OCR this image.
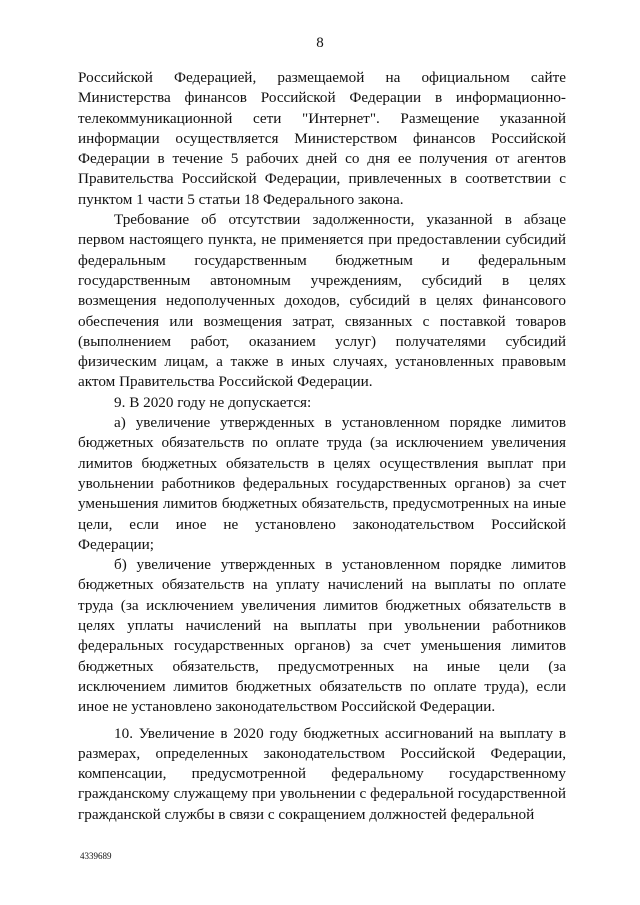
8

Российской Федерацией, размещаемой на официальном сайте Министерства финансов Российской Федерации в информационно-телекоммуникационной сети "Интернет". Размещение указанной информации осуществляется Министерством финансов Российской Федерации в течение 5 рабочих дней со дня ее получения от агентов Правительства Российской Федерации, привлеченных в соответствии с пунктом 1 части 5 статьи 18 Федерального закона.

Требование об отсутствии задолженности, указанной в абзаце первом настоящего пункта, не применяется при предоставлении субсидий федеральным государственным бюджетным и федеральным государственным автономным учреждениям, субсидий в целях возмещения недополученных доходов, субсидий в целях финансового обеспечения или возмещения затрат, связанных с поставкой товаров (выполнением работ, оказанием услуг) получателями субсидий физическим лицам, а также в иных случаях, установленных правовым актом Правительства Российской Федерации.

9. В 2020 году не допускается:

а) увеличение утвержденных в установленном порядке лимитов бюджетных обязательств по оплате труда (за исключением увеличения лимитов бюджетных обязательств в целях осуществления выплат при увольнении работников федеральных государственных органов) за счет уменьшения лимитов бюджетных обязательств, предусмотренных на иные цели, если иное не установлено законодательством Российской Федерации;

б) увеличение утвержденных в установленном порядке лимитов бюджетных обязательств на уплату начислений на выплаты по оплате труда (за исключением увеличения лимитов бюджетных обязательств в целях уплаты начислений на выплаты при увольнении работников федеральных государственных органов) за счет уменьшения лимитов бюджетных обязательств, предусмотренных на иные цели (за исключением лимитов бюджетных обязательств по оплате труда), если иное не установлено законодательством Российской Федерации.

10. Увеличение в 2020 году бюджетных ассигнований на выплату в размерах, определенных законодательством Российской Федерации, компенсации, предусмотренной федеральному государственному гражданскому служащему при увольнении с федеральной государственной гражданской службы в связи с сокращением должностей федеральной

4339689
